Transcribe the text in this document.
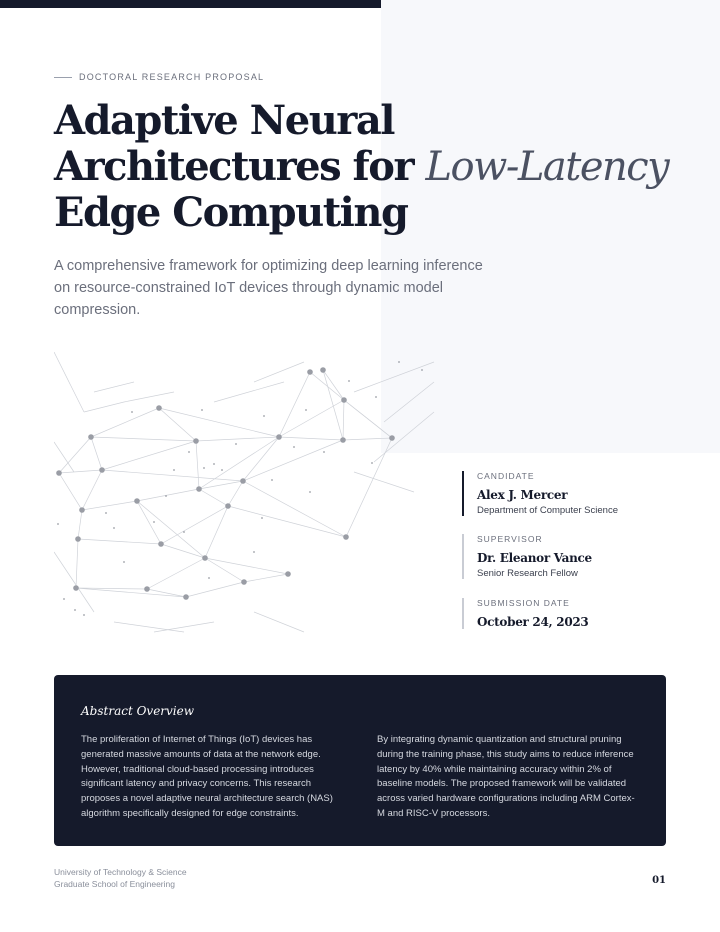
DOCTORAL RESEARCH PROPOSAL
Adaptive Neural Architectures for Low-Latency Edge Computing

A comprehensive framework for optimizing deep learning inference on resource-constrained IoT devices through dynamic model compression.

CANDIDATE
Alex J. Mercer
Department of Computer Science
SUPERVISOR
Dr. Eleanor Vance
Senior Research Fellow
SUBMISSION DATE
October 24, 2023
Abstract Overview

The proliferation of Internet of Things (IoT) devices has generated massive amounts of data at the network edge. However, traditional cloud-based processing introduces significant latency and privacy concerns. This research proposes a novel adaptive neural architecture search (NAS) algorithm specifically designed for edge constraints.

By integrating dynamic quantization and structural pruning during the training phase, this study aims to reduce inference latency by 40% while maintaining accuracy within 2% of baseline models. The proposed framework will be validated across varied hardware configurations including ARM Cortex-M and RISC-V processors.

University of Technology & Science
Graduate School of Engineering	01
